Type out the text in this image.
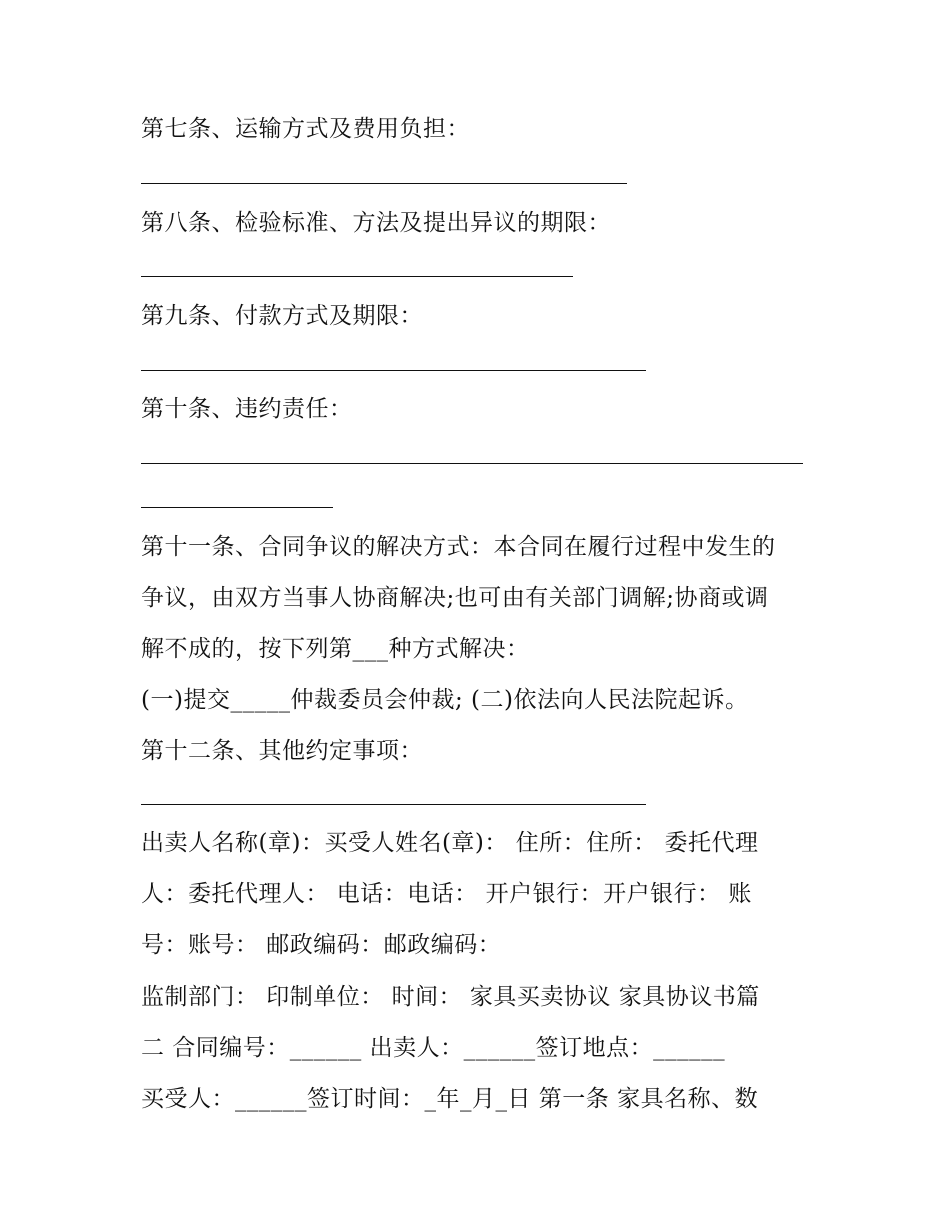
第七条、运输方式及费用负担：
第八条、检验标准、方法及提出异议的期限：
第九条、付款方式及期限：
第十条、违约责任：
第十一条、合同争议的解决方式：本合同在履行过程中发生的
争议，由双方当事人协商解决;也可由有关部门调解;协商或调
解不成的，按下列第___种方式解决：
(一)提交_____仲裁委员会仲裁; (二)依法向人民法院起诉。
第十二条、其他约定事项：
出卖人名称(章)：买受人姓名(章)： 住所：住所： 委托代理
人：委托代理人： 电话：电话： 开户银行：开户银行： 账
号：账号： 邮政编码：邮政编码：
监制部门： 印制单位： 时间： 家具买卖协议 家具协议书篇
二 合同编号：______ 出卖人：______签订地点：______
买受人：______签订时间：_年_月_日 第一条 家具名称、数
